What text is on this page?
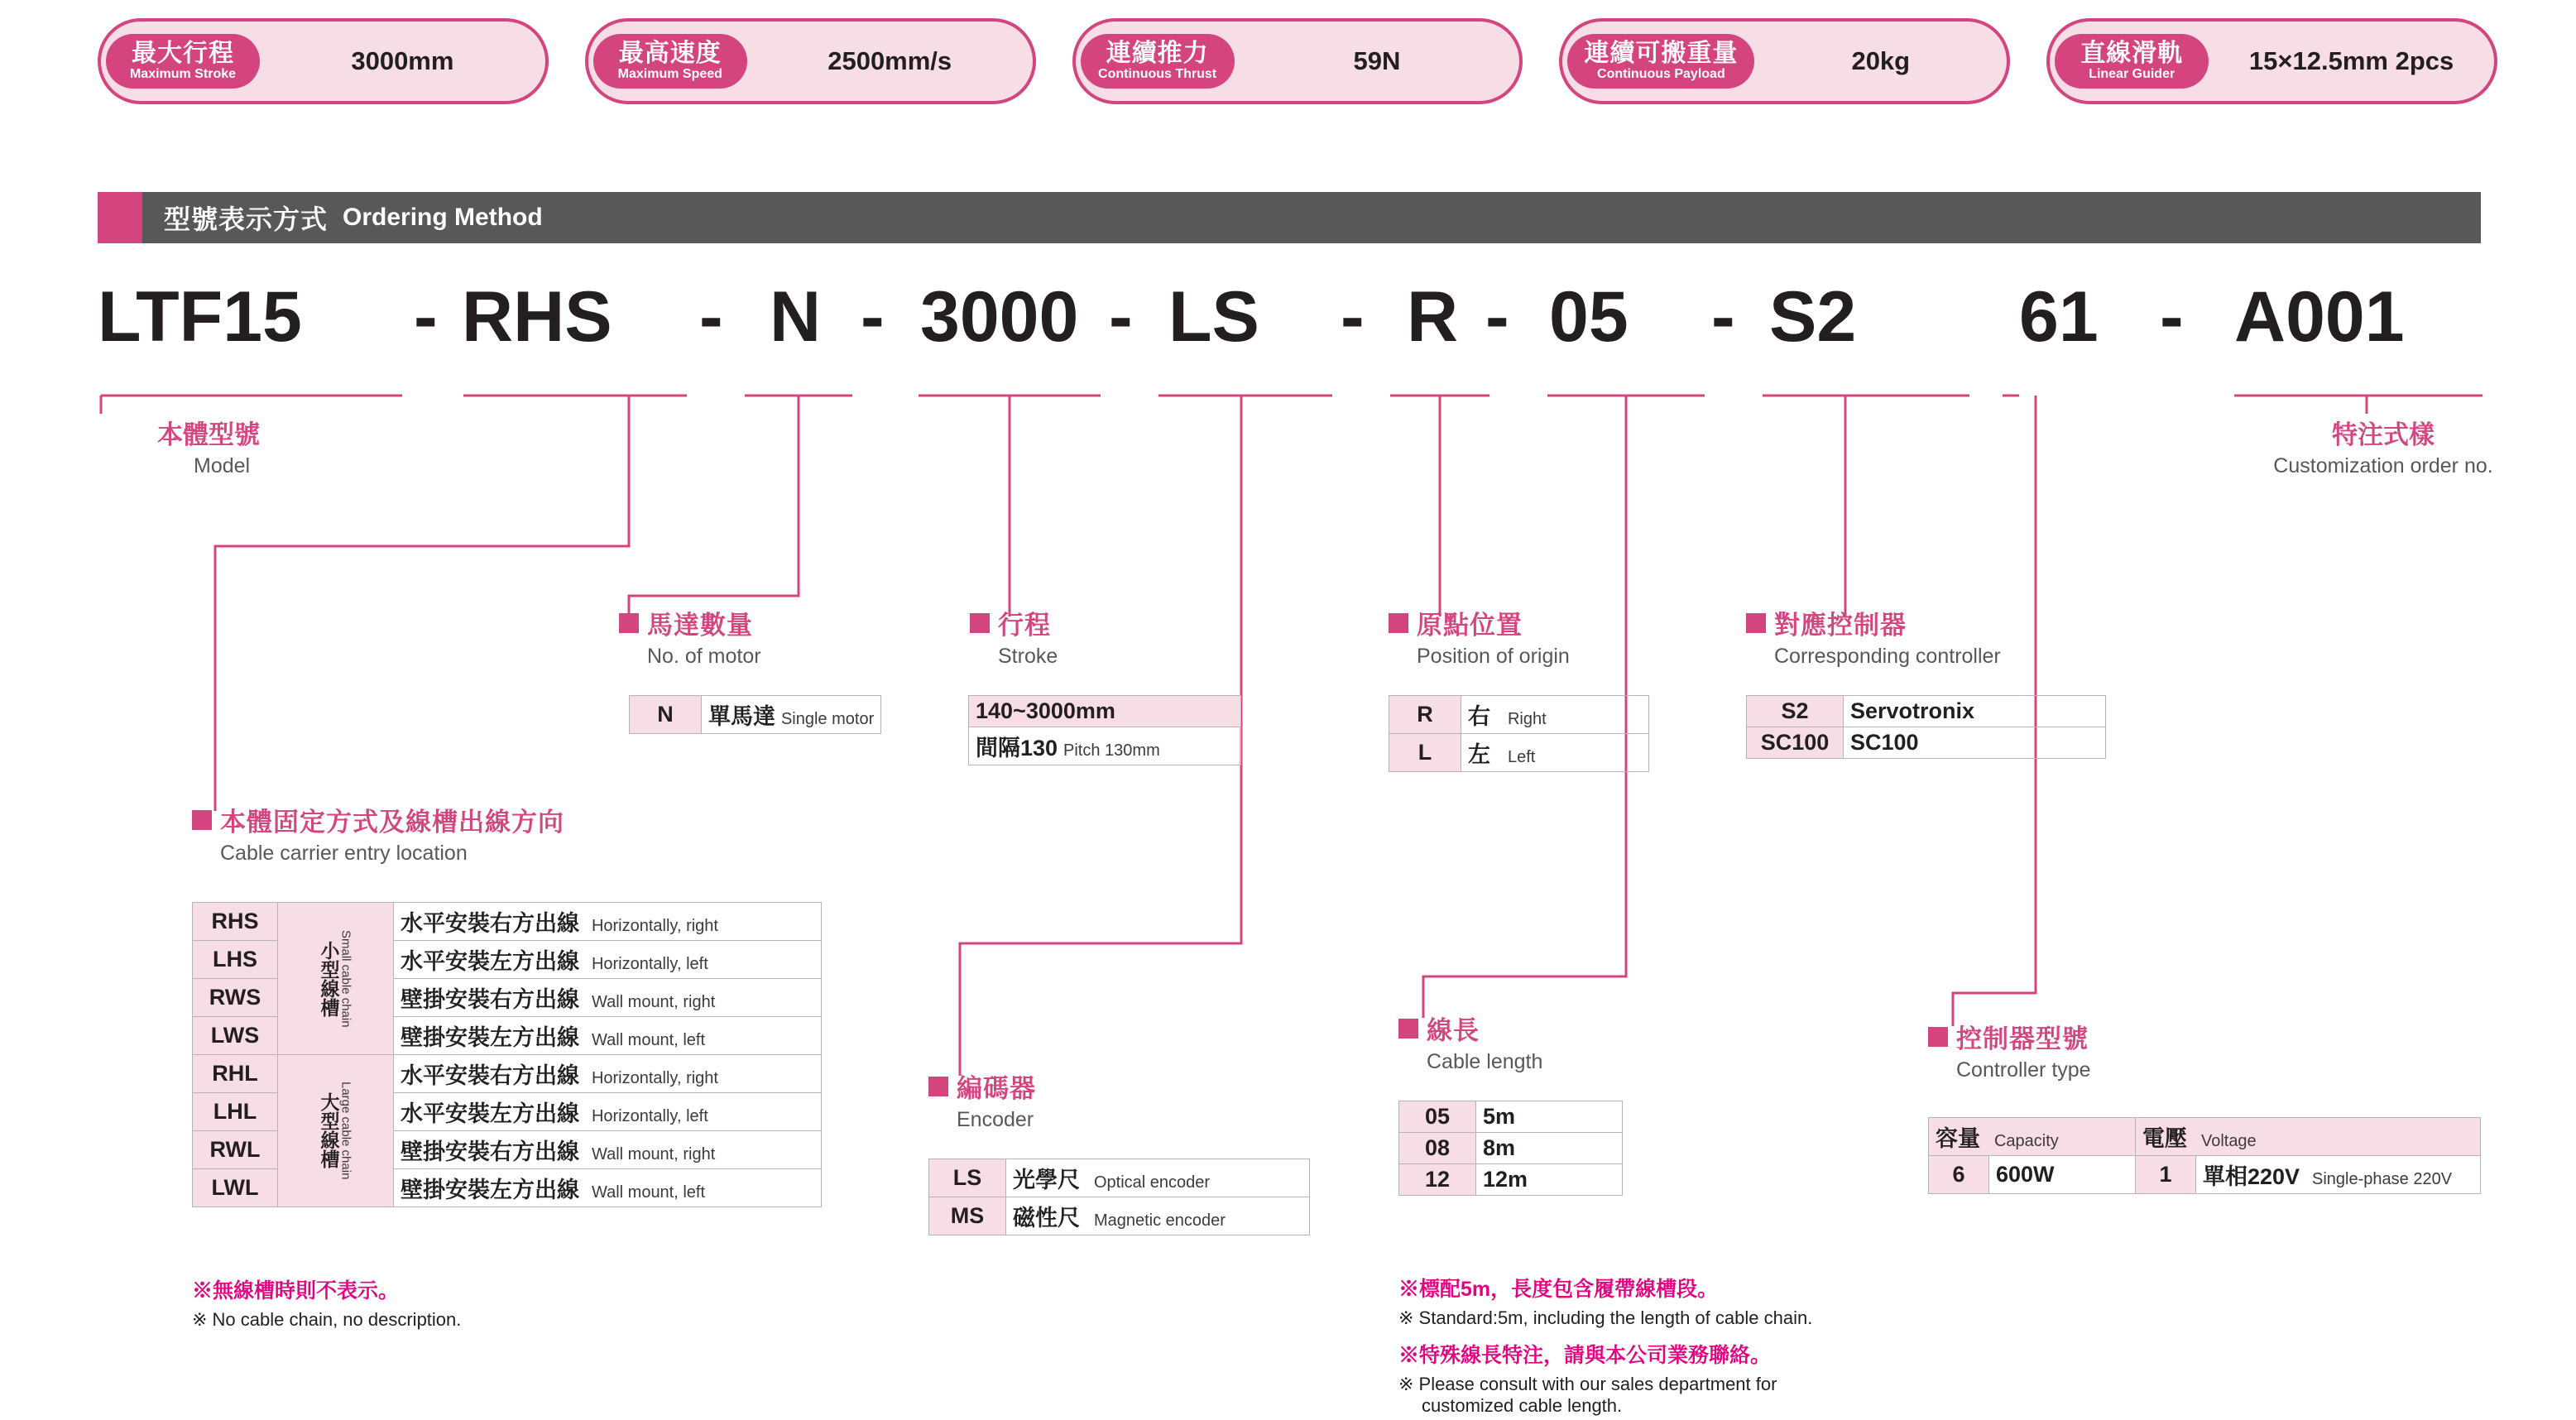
最大行程
Maximum Stroke	3000mm	最高速度
Maximum Speed	2500mm/s	連續推力
Continuous Thrust	59N	連續可搬重量
Continuous Payload	20kg	直線滑軌
Linear Guider	15×12.5mm 2pcs
型號表示方式 Ordering Method
LTF15 - RHS - N - 3000 - LS - R - 05 - S2 61 - A001
本體型號
Model
特注式樣
Customization order no.
馬達數量
No. of motor
N	單馬達 Single motor
行程
Stroke
140~3000mm
間隔130 Pitch 130mm
原點位置
Position of origin
R	右 Right
L	左 Left
對應控制器
Corresponding controller
S2	Servotronix
SC100	SC100
本體固定方式及線槽出線方向
Cable carrier entry location
RHS	小型線槽 Small cable chain	水平安裝右方出線 Horizontally, right
LHS		水平安裝左方出線 Horizontally, left
RWS		壁掛安裝右方出線 Wall mount, right
LWS		壁掛安裝左方出線 Wall mount, left
RHL	大型線槽 Large cable chain	水平安裝右方出線 Horizontally, right
LHL		水平安裝左方出線 Horizontally, left
RWL		壁掛安裝右方出線 Wall mount, right
LWL		壁掛安裝左方出線 Wall mount, left
※無線槽時則不表示。
※ No cable chain, no description.
編碼器
Encoder
LS	光學尺 Optical encoder
MS	磁性尺 Magnetic encoder
線長
Cable length
05	5m
08	8m
12	12m
※標配5m，長度包含履帶線槽段。
※ Standard:5m, including the length of cable chain.
※特殊線長特注，請與本公司業務聯絡。
※ Please consult with our sales department for
customized cable length.
控制器型號
Controller type
容量 Capacity		電壓 Voltage	
6	600W	1	單相220V Single-phase 220V
